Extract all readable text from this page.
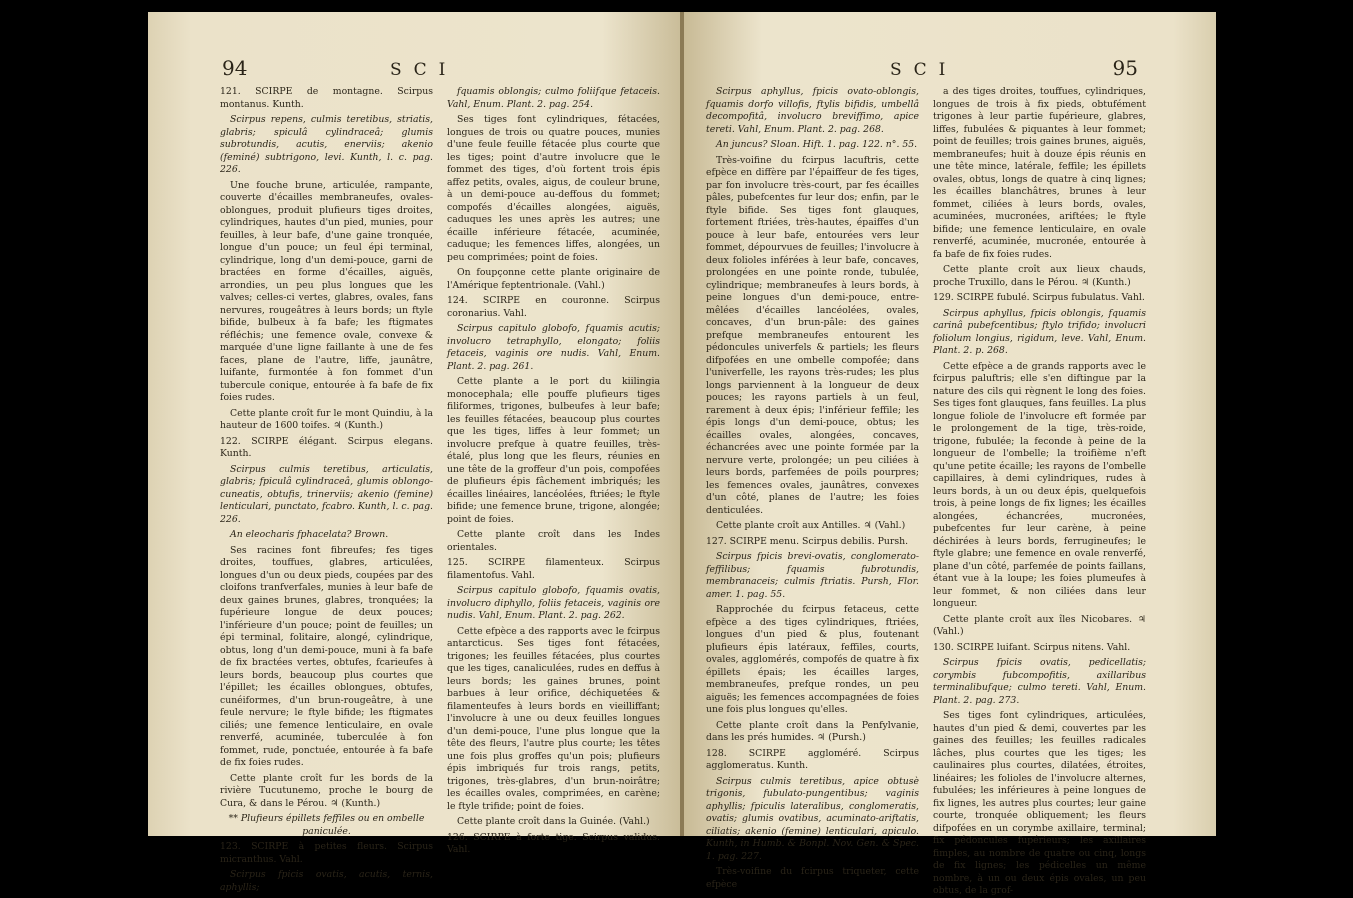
94	SCI

121. SCIRPE de montagne. Scirpus montanus. Kunth.

Scirpus repens, culmis teretibus, striatis, glabris; spiculâ cylindraceâ; glumis subrotundis, acutis, enerviis; akenio (feminé) subtrigono, levi. Kunth, l. c. pag. 226.

Une fouche brune, articulée, rampante, couverte d'écailles membraneufes, ovales-oblongues, produit plufieurs tiges droites, cylindriques, hautes d'un pied, munies, pour feuilles, à leur bafe, d'une gaine tronquée, longue d'un pouce; un feul épi terminal, cylindrique, long d'un demi-pouce, garni de bractées en forme d'écailles, aiguës, arrondies, un peu plus longues que les valves; celles-ci vertes, glabres, ovales, fans nervures, rougeâtres à leurs bords; un ftyle bifide, bulbeux à fa bafe; les ftigmates réfléchis; une femence ovale, convexe & marquée d'une ligne faillante à une de fes faces, plane de l'autre, liffe, jaunâtre, luifante, furmontée à fon fommet d'un tubercule conique, entourée à fa bafe de fix foies rudes.

Cette plante croît fur le mont Quindiu, à la hauteur de 1600 toifes. ♃ (Kunth.)

122. SCIRPE élégant. Scirpus elegans. Kunth.

Scirpus culmis teretibus, articulatis, glabris; fpiculâ cylindraceâ, glumis oblongo-cuneatis, obtufis, trinerviis; akenio (femine) lenticulari, punctato, fcabro. Kunth, l. c. pag. 226.

An eleocharis fphacelata? Brown.

Ses racines font fibreufes; fes tiges droites, touffues, glabres, articulées, longues d'un ou deux pieds, coupées par des cloifons tranfverfales, munies à leur bafe de deux gaines brunes, glabres, tronquées; la fupérieure longue de deux pouces; l'inférieure d'un pouce; point de feuilles; un épi terminal, folitaire, alongé, cylindrique, obtus, long d'un demi-pouce, muni à fa bafe de fix bractées vertes, obtufes, fcarieufes à leurs bords, beaucoup plus courtes que l'épillet; les écailles oblongues, obtufes, cunéiformes, d'un brun-rougeâtre, à une feule nervure; le ftyle bifide; les ftigmates ciliés; une femence lenticulaire, en ovale renverfé, acuminée, tuberculée à fon fommet, rude, ponctuée, entourée à fa bafe de fix foies rudes.

Cette plante croît fur les bords de la rivière Tucutunemo, proche le bourg de Cura, & dans le Pérou. ♃ (Kunth.)

** Plufieurs épillets feffiles ou en ombelle paniculée.

123. SCIRPE à petites fleurs. Scirpus micranthus. Vahl.

Scirpus fpicis ovatis, acutis, ternis, aphyllis;

fquamis oblongis; culmo foliifque fetaceis. Vahl, Enum. Plant. 2. pag. 254.

Ses tiges font cylindriques, fétacées, longues de trois ou quatre pouces, munies d'une feule feuille fétacée plus courte que les tiges; point d'autre involucre que le fommet des tiges, d'où fortent trois épis affez petits, ovales, aigus, de couleur brune, à un demi-pouce au-deffous du fommet; compofés d'écailles alongées, aiguës, caduques les unes après les autres; une écaille inférieure fétacée, acuminée, caduque; les femences liffes, alongées, un peu comprimées; point de foies.

On foupçonne cette plante originaire de l'Amérique feptentrionale. (Vahl.)

124. SCIRPE en couronne. Scirpus coronarius. Vahl.

Scirpus capitulo globofo, fquamis acutis; involucro tetraphyllo, elongato; foliis fetaceis, vaginis ore nudis. Vahl, Enum. Plant. 2. pag. 261.

Cette plante a le port du kiilingia monocephala; elle pouffe plufieurs tiges filiformes, trigones, bulbeufes à leur bafe; les feuilles fétacées, beaucoup plus courtes que les tiges, liffes à leur fommet; un involucre prefque à quatre feuilles, très-étalé, plus long que les fleurs, réunies en une tête de la groffeur d'un pois, compofées de plufieurs épis fâchement imbriqués; les écailles linéaires, lancéolées, ftriées; le ftyle bifide; une femence brune, trigone, alongée; point de foies.

Cette plante croît dans les Indes orientales.

125. SCIRPE filamenteux. Scirpus filamentofus. Vahl.

Scirpus capitulo globofo, fquamis ovatis, involucro diphyllo, foliis fetaceis, vaginis ore nudis. Vahl, Enum. Plant. 2. pag. 262.

Cette efpèce a des rapports avec le fcirpus antarcticus. Ses tiges font fétacées, trigones; les feuilles fétacées, plus courtes que les tiges, canaliculées, rudes en deffus à leurs bords; les gaines brunes, point barbues à leur orifice, déchiquetées & filamenteufes à leurs bords en vieilliffant; l'involucre à une ou deux feuilles longues d'un demi-pouce, l'une plus longue que la tête des fleurs, l'autre plus courte; les têtes une fois plus groffes qu'un pois; plufieurs épis imbriqués fur trois rangs, petits, trigones, très-glabres, d'un brun-noirâtre; les écailles ovales, comprimées, en carène; le ftyle trifide; point de foies.

Cette plante croît dans la Guinée. (Vahl.)

126. SCIRPE à forte tige. Scirpus validus. Vahl.

SCI	95

Scirpus aphyllus, fpicis ovato-oblongis, fquamis dorfo villofis, ftylis bifidis, umbellâ decompofitâ, involucro breviffimo, apice tereti. Vahl, Enum. Plant. 2. pag. 268.

An juncus? Sloan. Hift. 1. pag. 122. n°. 55.

Très-voifine du fcirpus lacuftris, cette efpèce en diffère par l'épaiffeur de fes tiges, par fon involucre très-court, par fes écailles pâles, pubefcentes fur leur dos; enfin, par le ftyle bifide. Ses tiges font glauques, fortement ftriées, très-hautes, épaiffes d'un pouce à leur bafe, entourées vers leur fommet, dépourvues de feuilles; l'involucre à deux folioles inférées à leur bafe, concaves, prolongées en une pointe ronde, tubulée, cylindrique; membraneufes à leurs bords, à peine longues d'un demi-pouce, entre-mêlées d'écailles lancéolées, ovales, concaves, d'un brun-pâle: des gaines prefque membraneufes entourent les pédoncules univerfels & partiels; les fleurs difpofées en une ombelle compofée; dans l'univerfelle, les rayons très-rudes; les plus longs parviennent à la longueur de deux pouces; les rayons partiels à un feul, rarement à deux épis; l'inférieur feffile; les épis longs d'un demi-pouce, obtus; les écailles ovales, alongées, concaves, échancrées avec une pointe formée par la nervure verte, prolongée; un peu ciliées à leurs bords, parfemées de poils pourpres; les femences ovales, jaunâtres, convexes d'un côté, planes de l'autre; les foies denticulées.

Cette plante croît aux Antilles. ♃ (Vahl.)

127. SCIRPE menu. Scirpus debilis. Pursh.

Scirpus fpicis brevi-ovatis, conglomerato-feffilibus; fquamis fubrotundis, membranaceis; culmis ftriatis. Pursh, Flor. amer. 1. pag. 55.

Rapprochée du fcirpus fetaceus, cette efpèce a des tiges cylindriques, ftriées, longues d'un pied & plus, foutenant plufieurs épis latéraux, feffiles, courts, ovales, agglomérés, compofés de quatre à fix épillets épais; les écailles larges, membraneufes, prefque rondes, un peu aiguës; les femences accompagnées de foies une fois plus longues qu'elles.

Cette plante croît dans la Penfylvanie, dans les prés humides. ♃ (Pursh.)

128. SCIRPE aggloméré. Scirpus agglomeratus. Kunth.

Scirpus culmis teretibus, apice obtusè trigonis, fubulato-pungentibus; vaginis aphyllis; fpiculis lateralibus, conglomeratis, ovatis; glumis ovatibus, acuminato-ariftatis, ciliatis; akenio (femine) lenticulari, apiculo. Kunth, in Humb. & Bonpl. Nov. Gen. & Spec. 1. pag. 227.

Très-voifine du fcirpus triqueter, cette efpèce

a des tiges droites, touffues, cylindriques, longues de trois à fix pieds, obtufément trigones à leur partie fupérieure, glabres, liffes, fubulées & piquantes à leur fommet; point de feuilles; trois gaines brunes, aiguës, membraneufes; huit à douze épis réunis en une tête mince, latérale, feffile; les épillets ovales, obtus, longs de quatre à cinq lignes; les écailles blanchâtres, brunes à leur fommet, ciliées à leurs bords, ovales, acuminées, mucronées, ariftées; le ftyle bifide; une femence lenticulaire, en ovale renverfé, acuminée, mucronée, entourée à fa bafe de fix foies rudes.

Cette plante croît aux lieux chauds, proche Truxillo, dans le Pérou. ♃ (Kunth.)

129. SCIRPE fubulé. Scirpus fubulatus. Vahl.

Scirpus aphyllus, fpicis oblongis, fquamis carinâ pubefcentibus; ftylo trifido; involucri foliolum longius, rigidum, leve. Vahl, Enum. Plant. 2. p. 268.

Cette efpèce a de grands rapports avec le fcirpus paluftris; elle s'en diftingue par la nature des cils qui règnent le long des foies. Ses tiges font glauques, fans feuilles. La plus longue foliole de l'involucre eft formée par le prolongement de la tige, très-roide, trigone, fubulée; la feconde à peine de la longueur de l'ombelle; la troifième n'eft qu'une petite écaille; les rayons de l'ombelle capillaires, à demi cylindriques, rudes à leurs bords, à un ou deux épis, quelquefois trois, à peine longs de fix lignes; les écailles alongées, échancrées, mucronées, pubefcentes fur leur carène, à peine déchirées à leurs bords, ferrugineufes; le ftyle glabre; une femence en ovale renverfé, plane d'un côté, parfemée de points faillans, étant vue à la loupe; les foies plumeufes à leur fommet, & non ciliées dans leur longueur.

Cette plante croît aux îles Nicobares. ♃ (Vahl.)

130. SCIRPE luifant. Scirpus nitens. Vahl.

Scirpus fpicis ovatis, pedicellatis; corymbis fubcompofitis, axillaribus terminalibufque; culmo tereti. Vahl, Enum. Plant. 2. pag. 273.

Ses tiges font cylindriques, articulées, hautes d'un pied & demi, couvertes par les gaines des feuilles; les feuilles radicales lâches, plus courtes que les tiges; les caulinaires plus courtes, dilatées, étroites, linéaires; les folioles de l'involucre alternes, fubulées; les inférieures à peine longues de fix lignes, les autres plus courtes; leur gaine courte, tronquée obliquement; les fleurs difpofées en un corymbe axillaire, terminal; fix pédoncules fupérieurs; les axillaires fimples, au nombre de quatre ou cinq, longs de fix lignes; les pédicelles un même nombre, à un ou deux épis ovales, un peu obtus, de la grof-
